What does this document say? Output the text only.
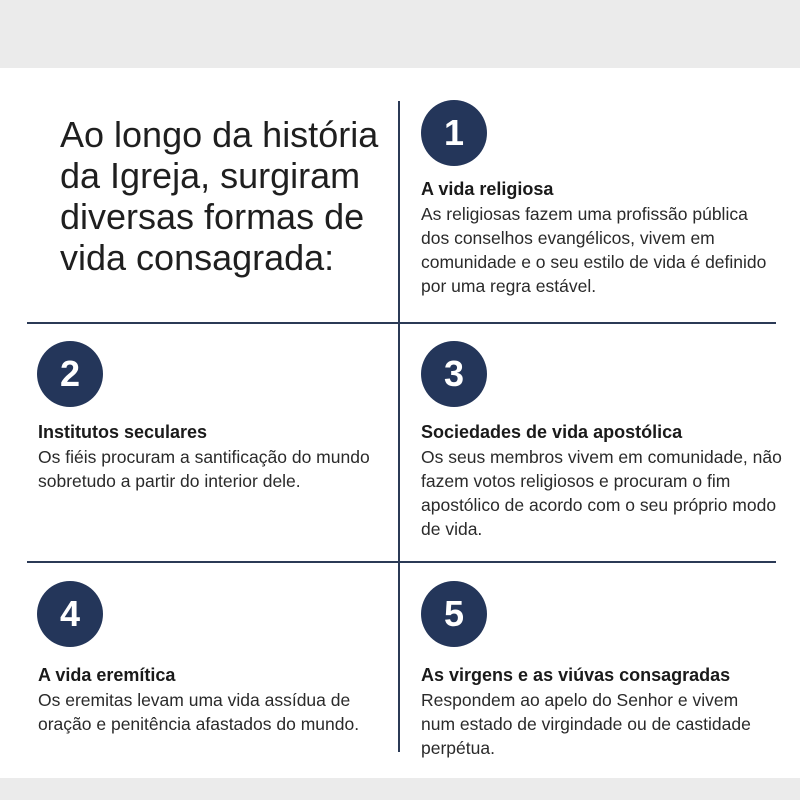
Ao longo da história da Igreja, surgiram diversas formas de vida consagrada:

1
A vida religiosa

As religiosas fazem uma profissão pública dos conselhos evangélicos, vivem em comunidade e o seu estilo de vida é definido por uma regra estável.

2
Institutos seculares

Os fiéis procuram a santificação do mundo sobretudo a partir do interior dele.

3
Sociedades de vida apostólica

Os seus membros vivem em comunidade, não fazem votos religiosos e procuram o fim apostólico de acordo com o seu próprio modo de vida.

4
A vida eremítica

Os eremitas levam uma vida assídua de oração e penitência afastados do mundo.

5
As virgens e as viúvas consagradas

Respondem ao apelo do Senhor e vivem num estado de virgindade ou de castidade perpétua.
